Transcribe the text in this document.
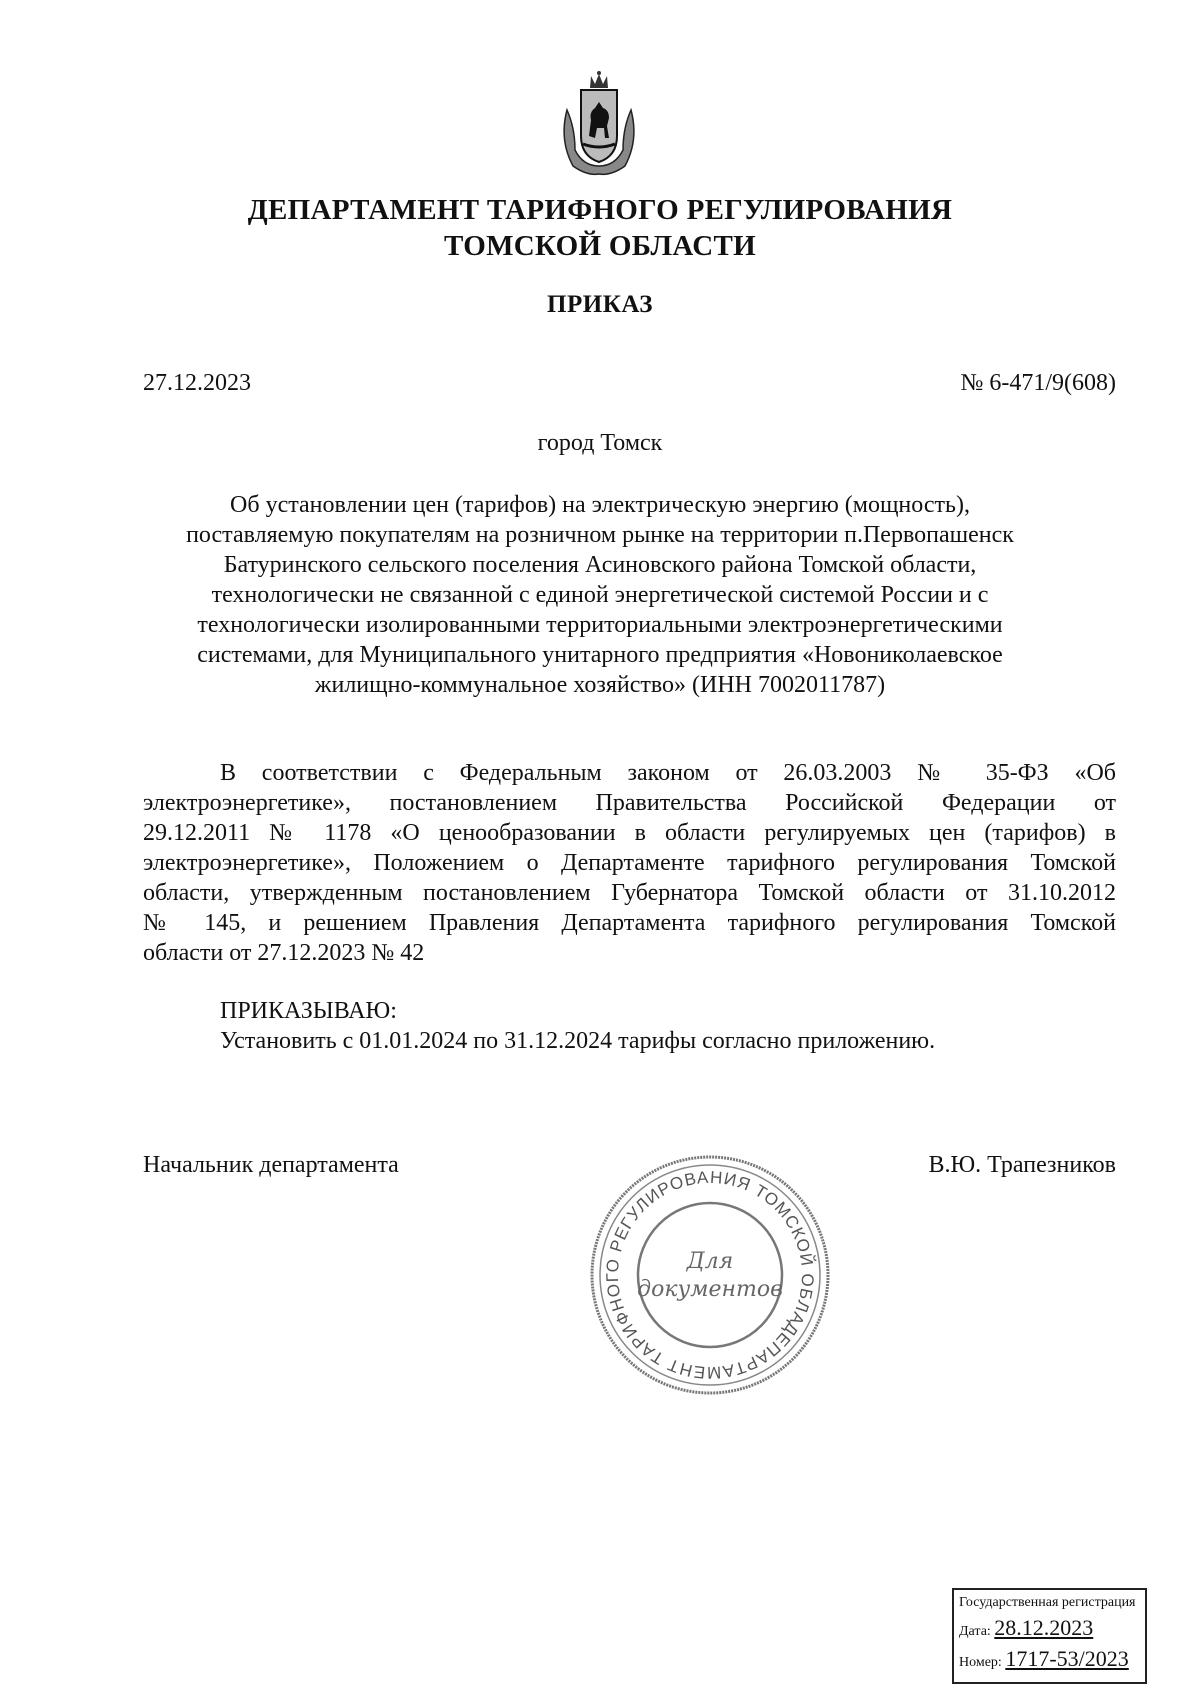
ДЕПАРТАМЕНТ ТАРИФНОГО РЕГУЛИРОВАНИЯ
ТОМСКОЙ ОБЛАСТИ
ПРИКАЗ
27.12.2023	№ 6-471/9(608)
город Томск
Об установлении цен (тарифов) на электрическую энергию (мощность),
поставляемую покупателям на розничном рынке на территории п.Первопашенск
Батуринского сельского поселения Асиновского района Томской области,
технологически не связанной с единой энергетической системой России и с
технологически изолированными территориальными электроэнергетическими
системами, для Муниципального унитарного предприятия «Новониколаевское
жилищно-коммунальное хозяйство» (ИНН 7002011787)
В соответствии с Федеральным законом от 26.03.2003 № 35-ФЗ «Об
электроэнергетике», постановлением Правительства Российской Федерации от
29.12.2011 № 1178 «О ценообразовании в области регулируемых цен (тарифов) в
электроэнергетике», Положением о Департаменте тарифного регулирования Томской
области, утвержденным постановлением Губернатора Томской области от 31.10.2012
№ 145, и решением Правления Департамента тарифного регулирования Томской
области от 27.12.2023 № 42
ПРИКАЗЫВАЮ:
Установить с 01.01.2024 по 31.12.2024 тарифы согласно приложению.
Начальник департамента	В.Ю. Трапезников
ДЕПАРТАМЕНТ ТАРИФНОГО РЕГУЛИРОВАНИЯ ТОМСКОЙ ОБЛАСТИ
Для
документов
Государственная регистрация
Дата: 28.12.2023
Номер: 1717-53/2023
